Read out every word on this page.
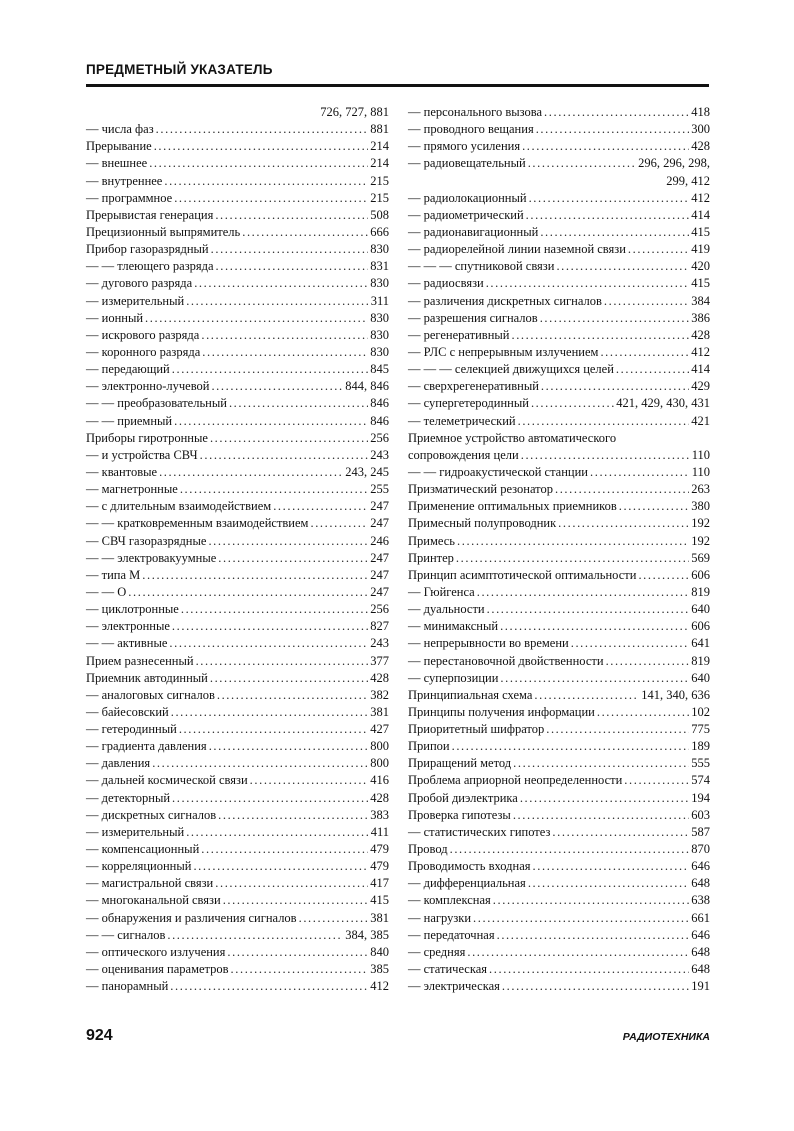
ПРЕДМЕТНЫЙ УКАЗАТЕЛЬ
726, 727, 881
— числа фаз .....	881
Прерывание .....	214
— внешнее .....	214
— внутреннее .....	215
— программное .....	215
Прерывистая генерация .....	508
Прецизионный выпрямитель .....	666
Прибор газоразрядный .....	830
— — тлеющего разряда .....	831
— дугового разряда .....	830
— измерительный .....	311
— ионный .....	830
— искрового разряда .....	830
— коронного разряда .....	830
— передающий .....	845
— электронно-лучевой .....	844, 846
— — преобразовательный .....	846
— — приемный .....	846
Приборы гиротронные .....	256
— и устройства СВЧ .....	243
— квантовые .....	243, 245
— магнетронные .....	255
— с длительным взаимодействием .....	247
— — кратковременным взаимодействием .....	247
— СВЧ газоразрядные .....	246
— — электровакуумные .....	247
— типа М .....	247
— — О .....	247
— циклотронные .....	256
— электронные .....	827
— — активные .....	243
Прием разнесенный .....	377
Приемник автодинный .....	428
— аналоговых сигналов .....	382
— байесовский .....	381
— гетеродинный .....	427
— градиента давления .....	800
— давления .....	800
— дальней космической связи .....	416
— детекторный .....	428
— дискретных сигналов .....	383
— измерительный .....	411
— компенсационный .....	479
— корреляционный .....	479
— магистральной связи .....	417
— многоканальной связи .....	415
— обнаружения и различения сигналов .....	381
— — сигналов .....	384, 385
— оптического излучения .....	840
— оценивания параметров .....	385
— панорамный .....	412
— персонального вызова .....	418
— проводного вещания .....	300
— прямого усиления .....	428
— радиовещательный .....	296, 296, 298,
299, 412
— радиолокационный .....	412
— радиометрический .....	414
— радионавигационный .....	415
— радиорелейной линии наземной связи .....	419
— — — спутниковой связи .....	420
— радиосвязи .....	415
— различения дискретных сигналов .....	384
— разрешения сигналов .....	386
— регенеративный .....	428
— РЛС с непрерывным излучением .....	412
— — — селекцией движущихся целей .....	414
— сверхрегенеративный .....	429
— супергетеродинный .....	421, 429, 430, 431
— телеметрический .....	421
Приемное устройство автоматического
сопровождения цели .....	110
— — гидроакустической станции .....	110
Призматический резонатор .....	263
Применение оптимальных приемников .....	380
Примесный полупроводник .....	192
Примесь .....	192
Принтер .....	569
Принцип асимптотической оптимальности .....	606
— Гюйгенса .....	819
— дуальности .....	640
— минимаксный .....	606
— непрерывности во времени .....	641
— перестановочной двойственности .....	819
— суперпозиции .....	640
Принципиальная схема .....	141, 340, 636
Принципы получения информации .....	102
Приоритетный шифратор .....	775
Припои .....	189
Приращений метод .....	555
Проблема априорной неопределенности .....	574
Пробой диэлектрика .....	194
Проверка гипотезы .....	603
— статистических гипотез .....	587
Провод .....	870
Проводимость входная .....	646
— дифференциальная .....	648
— комплексная .....	638
— нагрузки .....	661
— передаточная .....	646
— средняя .....	648
— статическая .....	648
— электрическая .....	191
924	РАДИОТЕХНИКА
